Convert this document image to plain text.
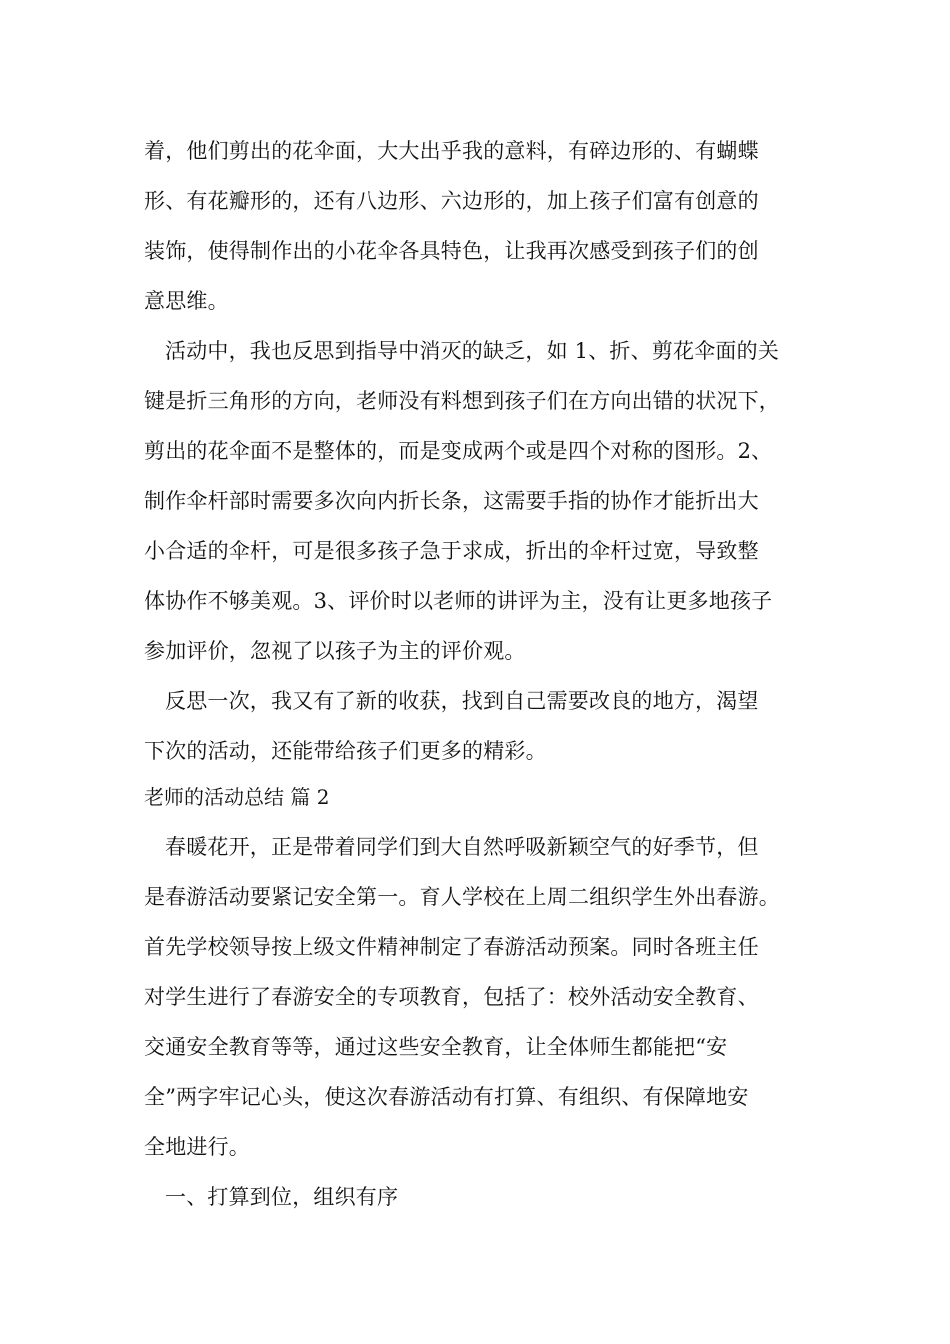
着，他们剪出的花伞面，大大出乎我的意料，有碎边形的、有蝴蝶
形、有花瓣形的，还有八边形、六边形的，加上孩子们富有创意的
装饰，使得制作出的小花伞各具特色，让我再次感受到孩子们的创
意思维。
活动中，我也反思到指导中消灭的缺乏，如 1、折、剪花伞面的关
键是折三角形的方向，老师没有料想到孩子们在方向出错的状况下，
剪出的花伞面不是整体的，而是变成两个或是四个对称的图形。2、
制作伞杆部时需要多次向内折长条，这需要手指的协作才能折出大
小合适的伞杆，可是很多孩子急于求成，折出的伞杆过宽，导致整
体协作不够美观。3、评价时以老师的讲评为主，没有让更多地孩子
参加评价，忽视了以孩子为主的评价观。
反思一次，我又有了新的收获，找到自己需要改良的地方，渴望
下次的活动，还能带给孩子们更多的精彩。
老师的活动总结 篇 2
春暖花开，正是带着同学们到大自然呼吸新颖空气的好季节，但
是春游活动要紧记安全第一。育人学校在上周二组织学生外出春游。
首先学校领导按上级文件精神制定了春游活动预案。同时各班主任
对学生进行了春游安全的专项教育，包括了：校外活动安全教育、
交通安全教育等等，通过这些安全教育，让全体师生都能把“安
全”两字牢记心头，使这次春游活动有打算、有组织、有保障地安
全地进行。
一、打算到位，组织有序
